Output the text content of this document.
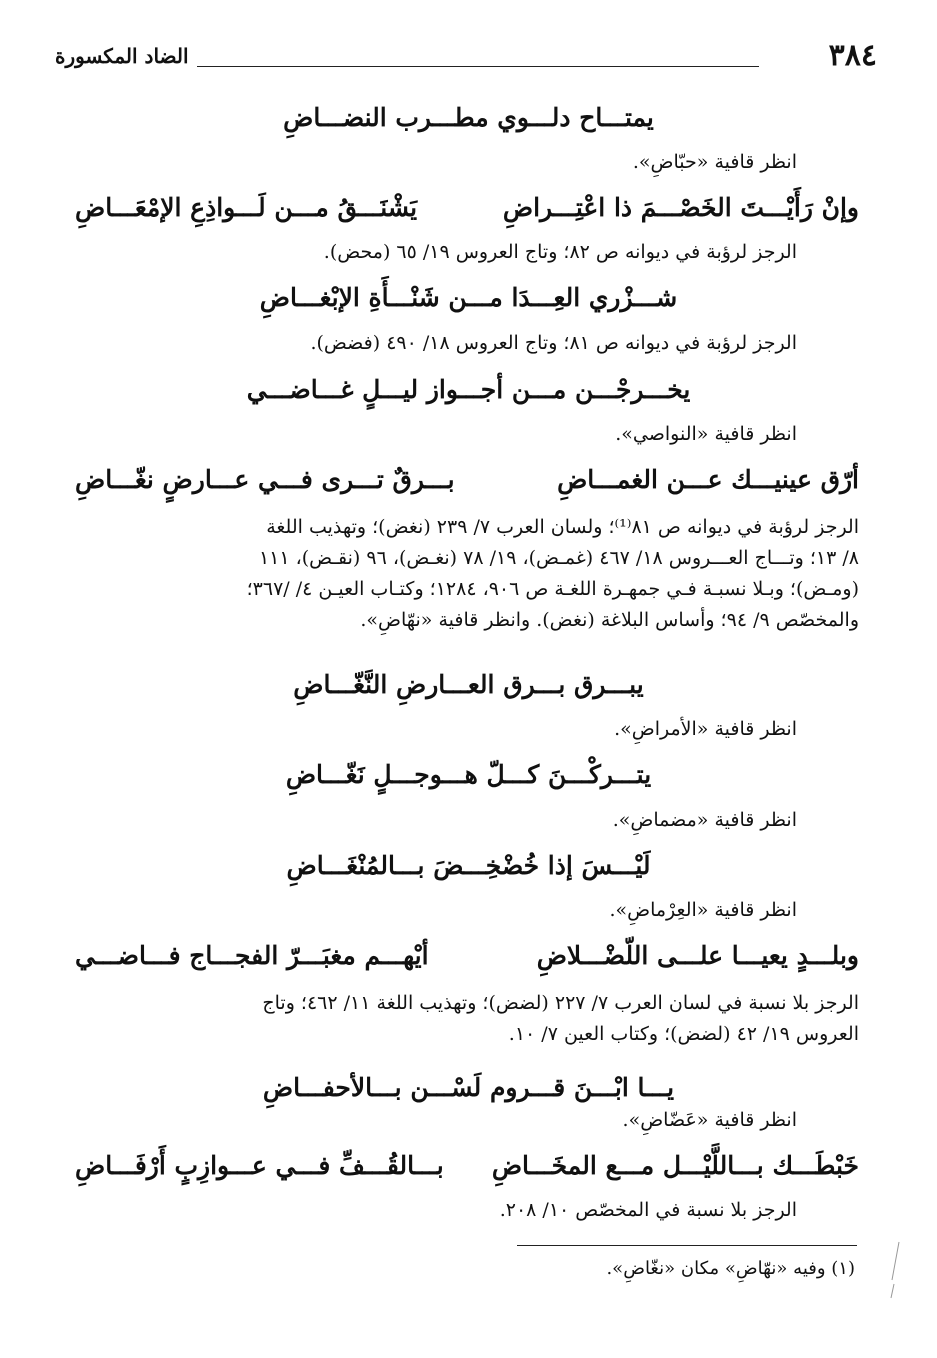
٣٨٤
الضاد المكسورة
يمتـــاح دلـــوي مطـــرب النضـــاضِ
انظر قافية «حبّاضِ».
وإنْ رَأَيْـــتَ الخَصْـــمَ ذا اعْتِـــراضِ
يَشْنَـــقُ مـــن لَـــواذِعِ الإمْعَـــاضِ
الرجز لرؤبة في ديوانه ص ٨٢؛ وتاج العروس ١٩/ ٦٥ (محض).
شـــزْري العِـــدَا مـــن شَنْـــأَةِ الإبْغـــاضِ
الرجز لرؤبة في ديوانه ص ٨١؛ وتاج العروس ١٨/ ٤٩٠ (فضض).
يخـــرجْـــن مـــن أجـــواز ليـــلٍ غـــاضـــي
انظر قافية «النواصي».
أرّق عينيـــك عـــن الغمـــاضِ
بـــرقٌ تـــرى فـــي عـــارضٍ نغّـــاضِ
الرجز لرؤبة في ديوانه ص ٨١⁽¹⁾؛ ولسان العرب ٧/ ٢٣٩ (نغض)؛ وتهذيب اللغة
٨/ ١٣؛ وتـــاج العـــروس ١٨/ ٤٦٧ (غمـض)، ١٩/ ٧٨ (نغـض)، ٩٦ (نقـض)، ١١١
(ومـض)؛ وبـلا نسبـة فـي جمهـرة اللغـة ص ٩٠٦، ١٢٨٤؛ وكتـاب العيـن ٤/ /٣٦٧؛
والمخصّص ٩/ ٩٤؛ وأساس البلاغة (نغض). وانظر قافية «نهّاضِ».
يبـــرق بـــرق العـــارضِ النَّغّـــاضِ
انظر قافية «الأمراضِ».
يتـــركْـــنَ كـــلّ هـــوجـــلٍ نَغّـــاضِ
انظر قافية «مضماضِ».
لَيْـــسَ إذا خُضْخِـــضَ بـــالمُنْغَـــاضِ
انظر قافية «العِرْماضِ».
وبلـــدٍ يعيـــا علـــى اللّضْـــلاضِ
أيْهـــم مغبَـــرّ الفجـــاج فـــاضـــي
الرجز بلا نسبة في لسان العرب ٧/ ٢٢٧ (لضض)؛ وتهذيب اللغة ١١/ ٤٦٢؛ وتاج
العروس ١٩/ ٤٢ (لضض)؛ وكتاب العين ٧/ ١٠.
يـــا ابْـــنَ قـــروم لَسْـــن بـــالأحفـــاضِ
انظر قافية «عَضّاضِ».
خَبْطَـــك بـــاللَّيْـــل مـــع المخَـــاضِ
بـــالقُـــفِّ فـــي عـــوازِبٍ أَرْفَـــاضِ
الرجز بلا نسبة في المخصّص ١٠/ ٢٠٨.
(١) وفيه «نهّاضِ» مكان «نغّاضِ».
